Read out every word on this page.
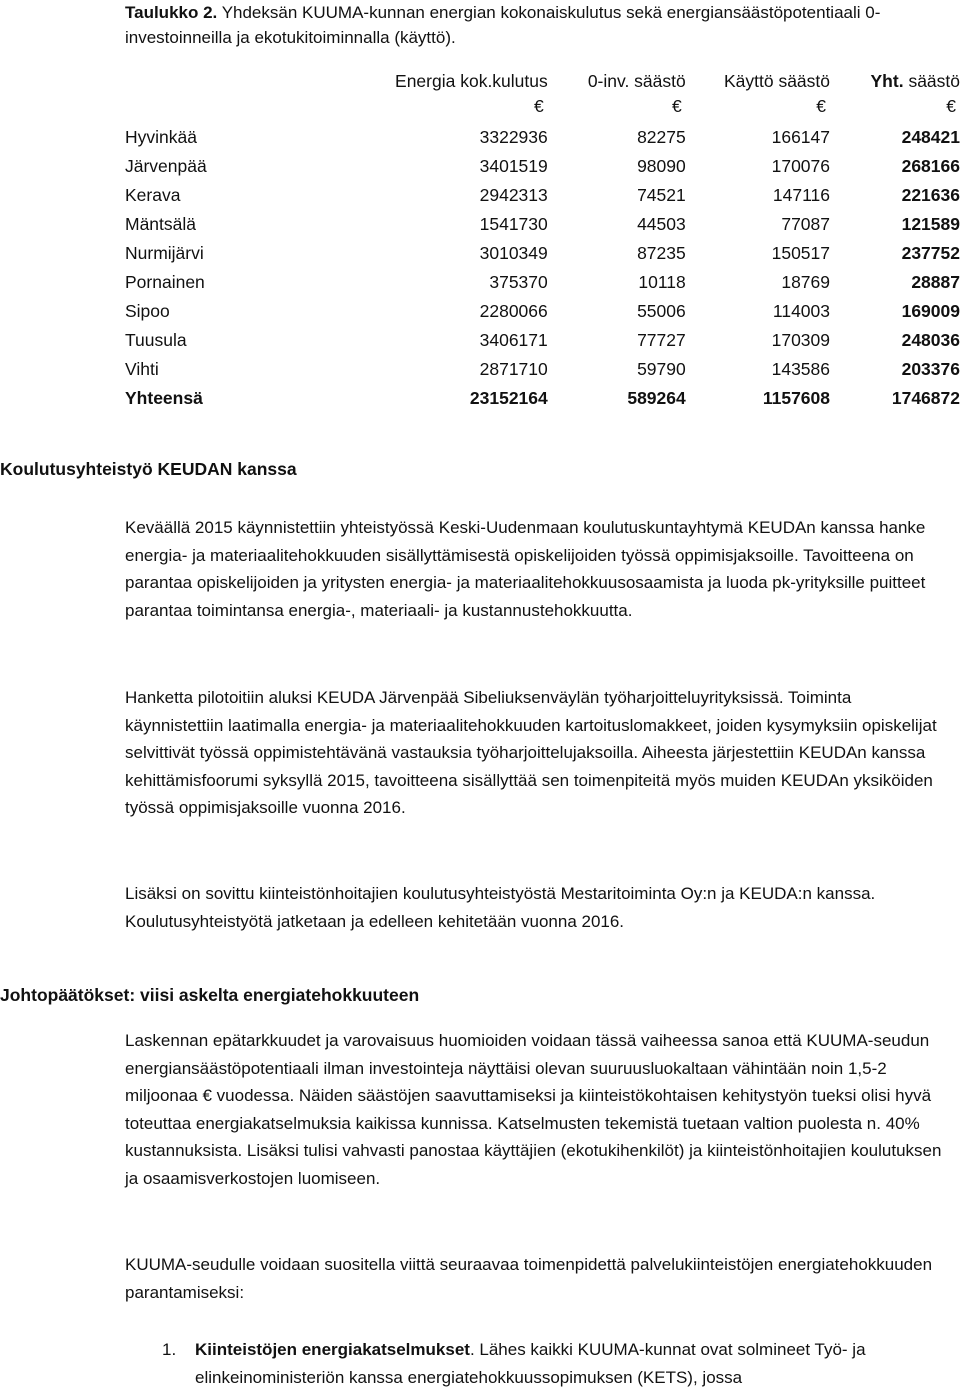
Taulukko 2. Yhdeksän KUUMA-kunnan energian kokonaiskulutus sekä energiansäästöpotentiaali 0-investoinneilla ja ekotukitoiminnalla (käyttö).
	Energia kok.kulutus	0-inv. säästö	Käyttö säästö	Yht. säästö
	€	€	€	€
Hyvinkää	3322936	82275	166147	248421
Järvenpää	3401519	98090	170076	268166
Kerava	2942313	74521	147116	221636
Mäntsälä	1541730	44503	77087	121589
Nurmijärvi	3010349	87235	150517	237752
Pornainen	375370	10118	18769	28887
Sipoo	2280066	55006	114003	169009
Tuusula	3406171	77727	170309	248036
Vihti	2871710	59790	143586	203376
Yhteensä	23152164	589264	1157608	1746872
Koulutusyhteistyö KEUDAN kanssa

Keväällä 2015 käynnistettiin yhteistyössä Keski-Uudenmaan koulutuskuntayhtymä KEUDAn kanssa hanke energia- ja materiaalitehokkuuden sisällyttämisestä opiskelijoiden työssä oppimisjaksoille. Tavoitteena on parantaa opiskelijoiden ja yritysten energia- ja materiaalitehokkuusosaamista ja luoda pk-yrityksille puitteet parantaa toimintansa energia-, materiaali- ja kustannustehokkuutta.

Hanketta pilotoitiin aluksi KEUDA Järvenpää Sibeliuksenväylän työharjoitteluyrityksissä. Toiminta käynnistettiin laatimalla energia- ja materiaalitehokkuuden kartoituslomakkeet, joiden kysymyksiin opiskelijat selvittivät työssä oppimistehtävänä vastauksia työharjoittelujaksoilla. Aiheesta järjestettiin KEUDAn kanssa kehittämisfoorumi syksyllä 2015, tavoitteena sisällyttää sen toimenpiteitä myös muiden KEUDAn yksiköiden työssä oppimisjaksoille vuonna 2016.

Lisäksi on sovittu kiinteistönhoitajien koulutusyhteistyöstä Mestaritoiminta Oy:n ja KEUDA:n kanssa. Koulutusyhteistyötä jatketaan ja edelleen kehitetään vuonna 2016.

Johtopäätökset: viisi askelta energiatehokkuuteen

Laskennan epätarkkuudet ja varovaisuus huomioiden voidaan tässä vaiheessa sanoa että KUUMA-seudun energiansäästöpotentiaali ilman investointeja näyttäisi olevan suuruusluokaltaan vähintään noin 1,5-2 miljoonaa € vuodessa. Näiden säästöjen saavuttamiseksi ja kiinteistökohtaisen kehitystyön tueksi olisi hyvä toteuttaa energiakatselmuksia kaikissa kunnissa. Katselmusten tekemistä tuetaan valtion puolesta n. 40% kustannuksista. Lisäksi tulisi vahvasti panostaa käyttäjien (ekotukihenkilöt) ja kiinteistönhoitajien koulutuksen ja osaamisverkostojen luomiseen.

KUUMA-seudulle voidaan suositella viittä seuraavaa toimenpidettä palvelukiinteistöjen energiatehokkuuden parantamiseksi:

1.	Kiinteistöjen energiakatselmukset. Lähes kaikki KUUMA-kunnat ovat solmineet Työ- ja elinkeinoministeriön kanssa energiatehokkuussopimuksen (KETS), jossa
